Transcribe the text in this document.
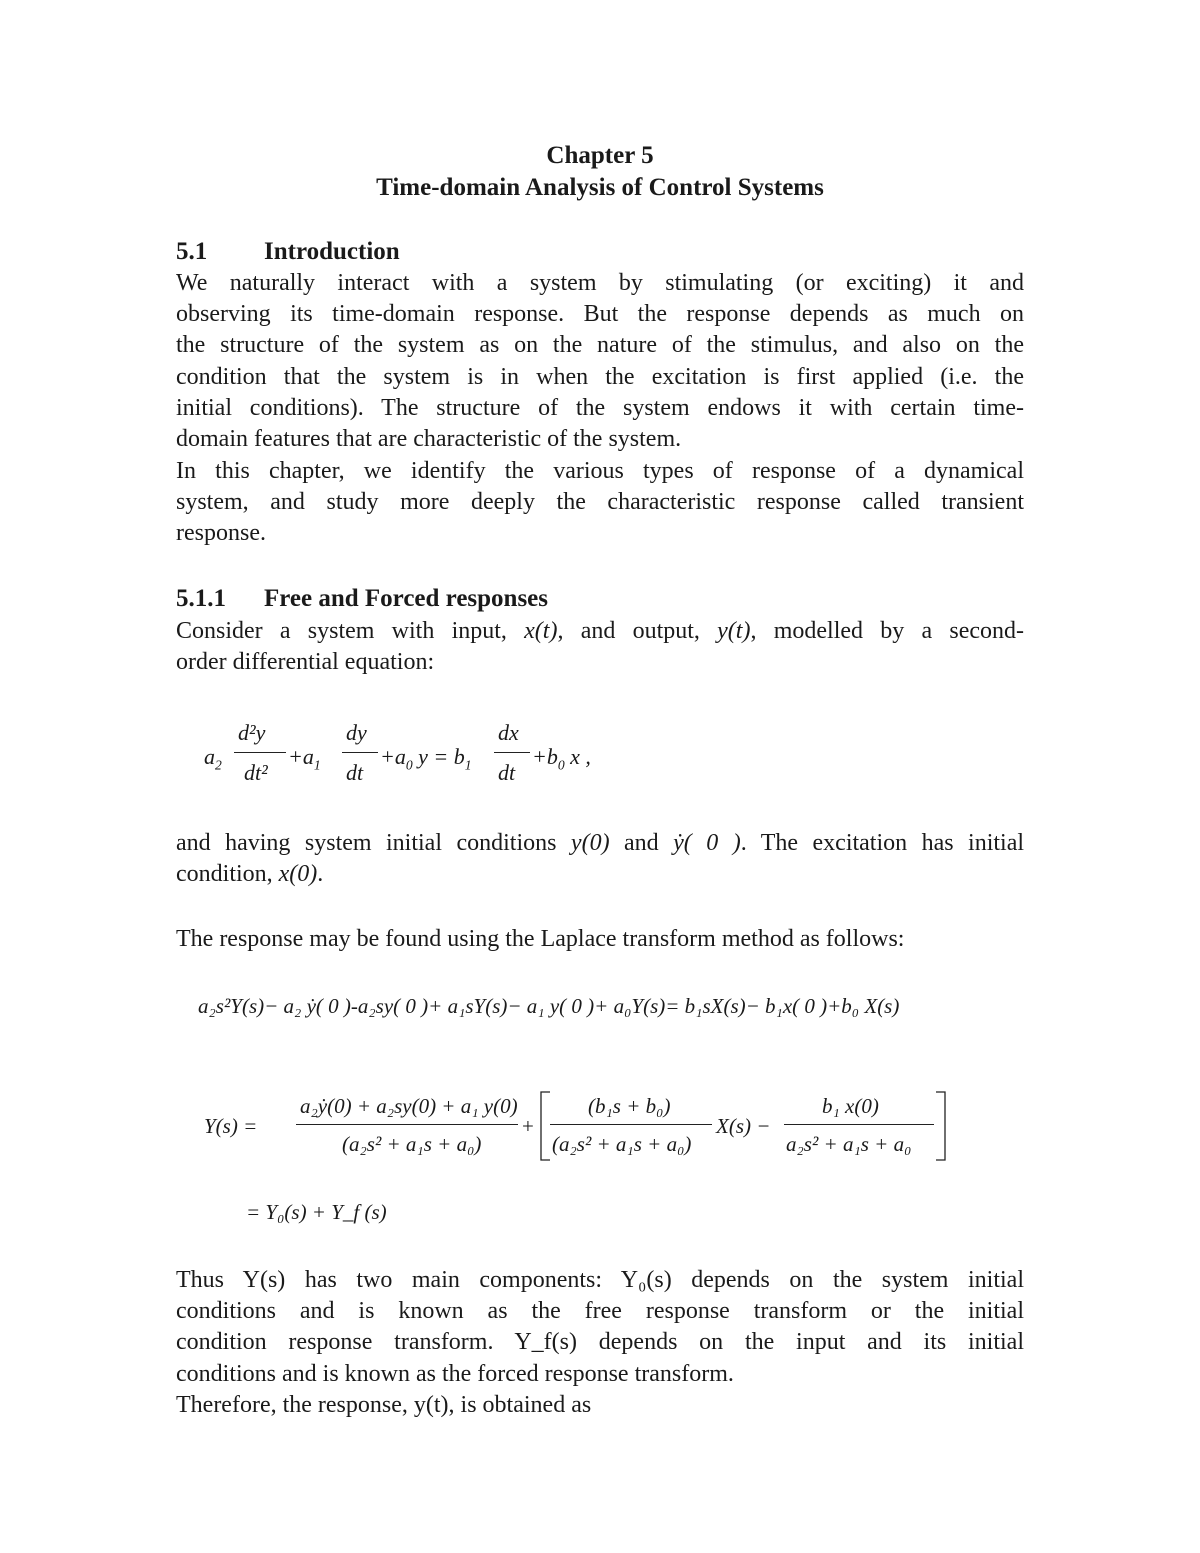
Chapter 5
Time-domain Analysis of Control Systems
5.1 Introduction
We naturally interact with a system by stimulating (or exciting) it and
observing its time-domain response. But the response depends as much on
the structure of the system as on the nature of the stimulus, and also on the
condition that the system is in when the excitation is first applied (i.e. the
initial conditions). The structure of the system endows it with certain time-
domain features that are characteristic of the system.
In this chapter, we identify the various types of response of a dynamical
system, and study more deeply the characteristic response called transient
response.
5.1.1 Free and Forced responses
Consider a system with input, x(t), and output, y(t), modelled by a second-
order differential equation:
$a_2$
d²y
dt²
$+a_1$
dy
dt
$+a_0$ $y = b_1$
dx
dt
$+b_0$ x ,
and having system initial conditions y(0) and ẏ( 0 ). The excitation has initial
condition, x(0).
The response may be found using the Laplace transform method as follows:
a₂s²Y(s)− a₂ ẏ( 0 )-a₂sy( 0 )+ a₁sY(s)− a₁ y( 0 )+ a₀Y(s)= b₁sX(s)− b₁x( 0 )+b₀ X(s)
Y(s) =
a₂ẏ(0) + a₂sy(0) + a₁ y(0)
(a₂s² + a₁s + a₀)
+
(b₁s + b₀)
(a₂s² + a₁s + a₀)
X(s) −
b₁ x(0)
a₂s² + a₁s + a₀
= Y₀(s) + Y_f (s)
Thus Y(s) has two main components: Y₀(s) depends on the system initial
conditions and is known as the free response transform or the initial
condition response transform. Y_f(s) depends on the input and its initial
conditions and is known as the forced response transform.
Therefore, the response, y(t), is obtained as
